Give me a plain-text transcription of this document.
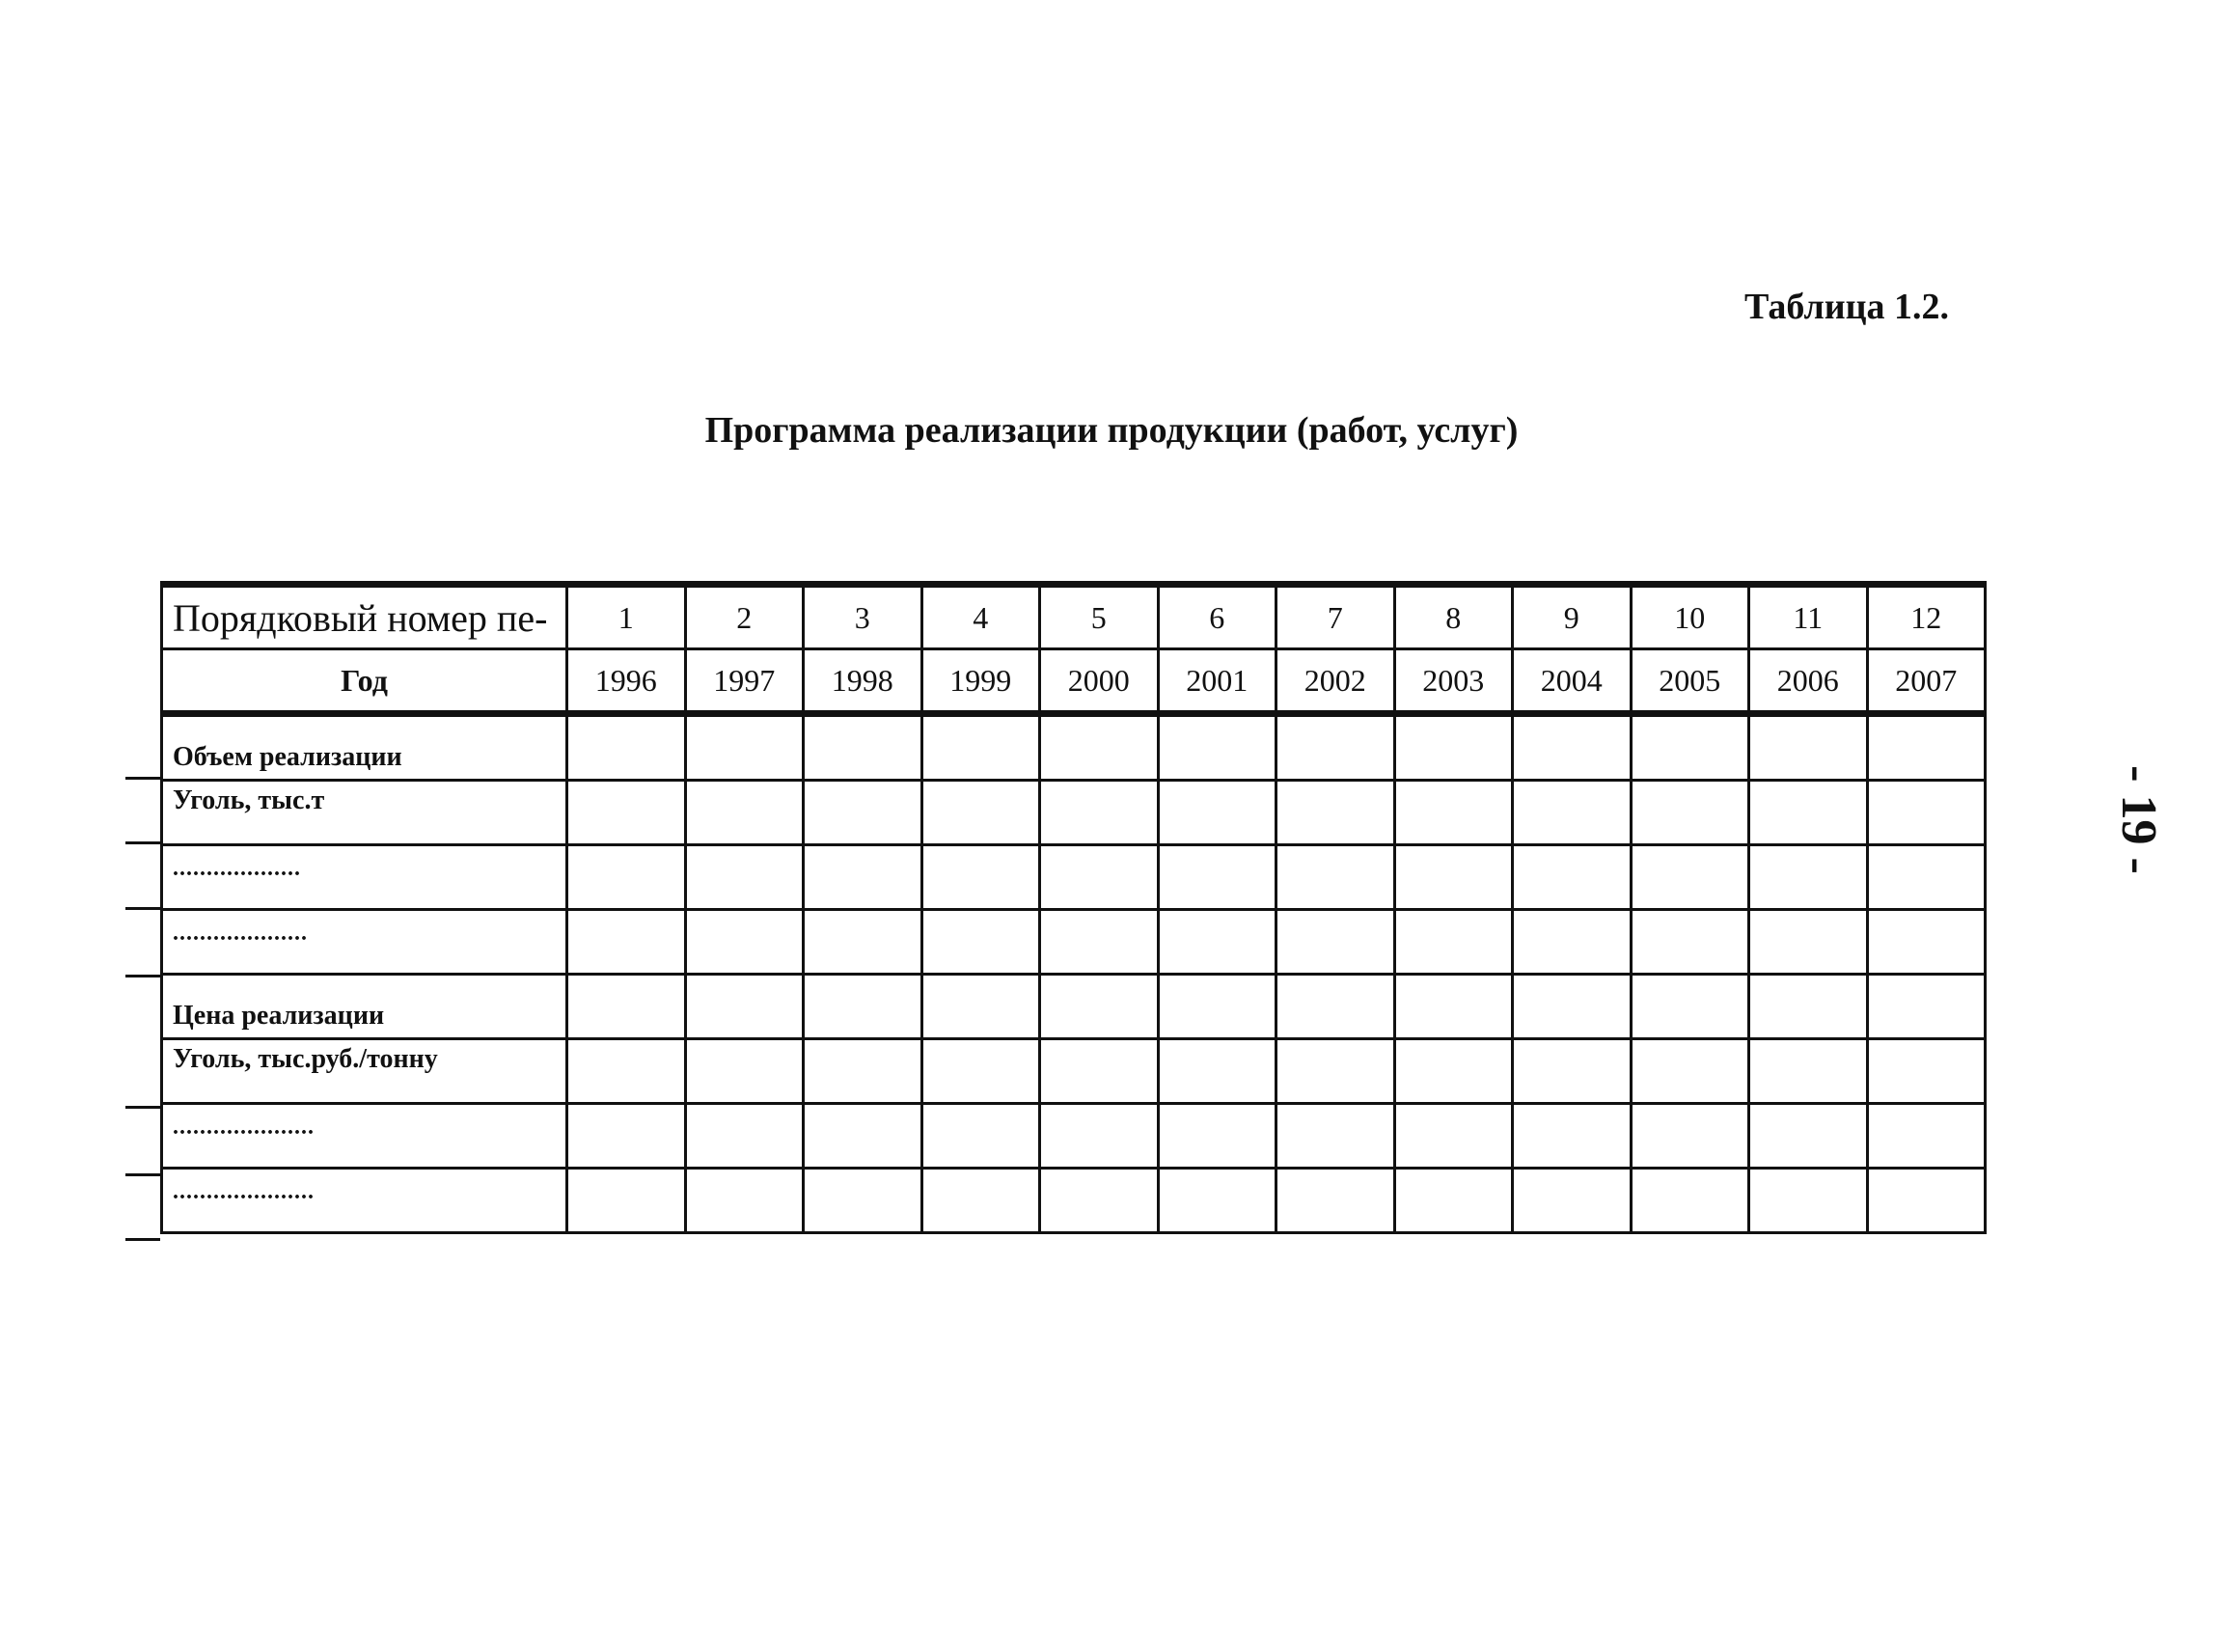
Таблица 1.2.
Программа реализации продукции (работ, услуг)
- 19 -
Порядковый номер пе-	1	2	3	4	5	6	7	8	9	10	11	12
Год	1996	1997	1998	1999	2000	2001	2002	2003	2004	2005	2006	2007

Объем реализации												

Уголь, тыс.т												

...................												

....................												

Цена реализации												

Уголь, тыс.руб./тонну												

.....................												

.....................												
